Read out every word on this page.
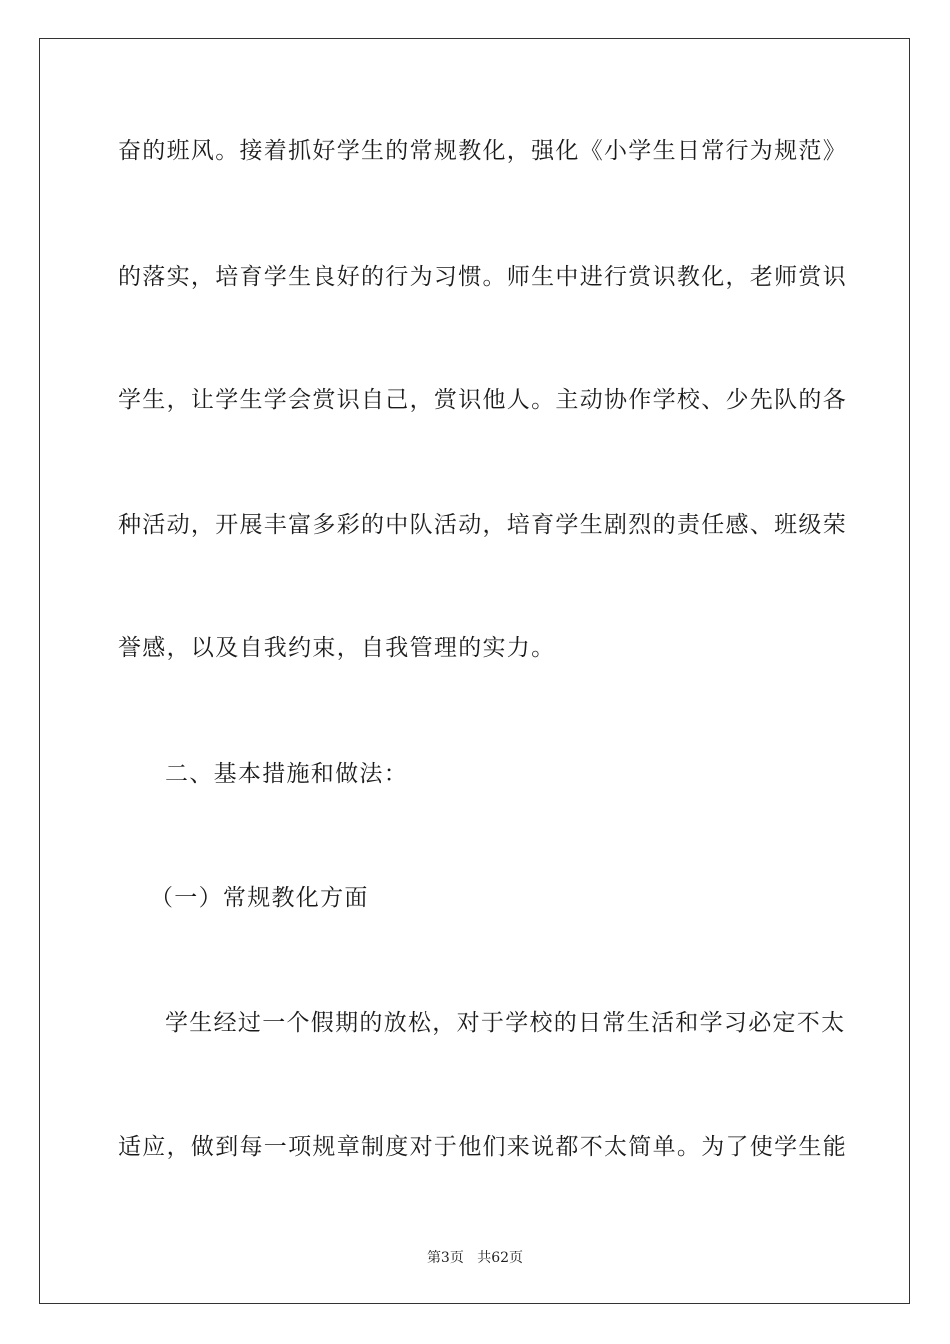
奋的班风。接着抓好学生的常规教化，强化《小学生日常行为规范》
的落实，培育学生良好的行为习惯。师生中进行赏识教化，老师赏识
学生，让学生学会赏识自己，赏识他人。主动协作学校、少先队的各
种活动，开展丰富多彩的中队活动，培育学生剧烈的责任感、班级荣
誉感，以及自我约束，自我管理的实力。
二、基本措施和做法：
（一）常规教化方面
学生经过一个假期的放松，对于学校的日常生活和学习必定不太
适应，做到每一项规章制度对于他们来说都不太简单。为了使学生能
第3页 共62页
